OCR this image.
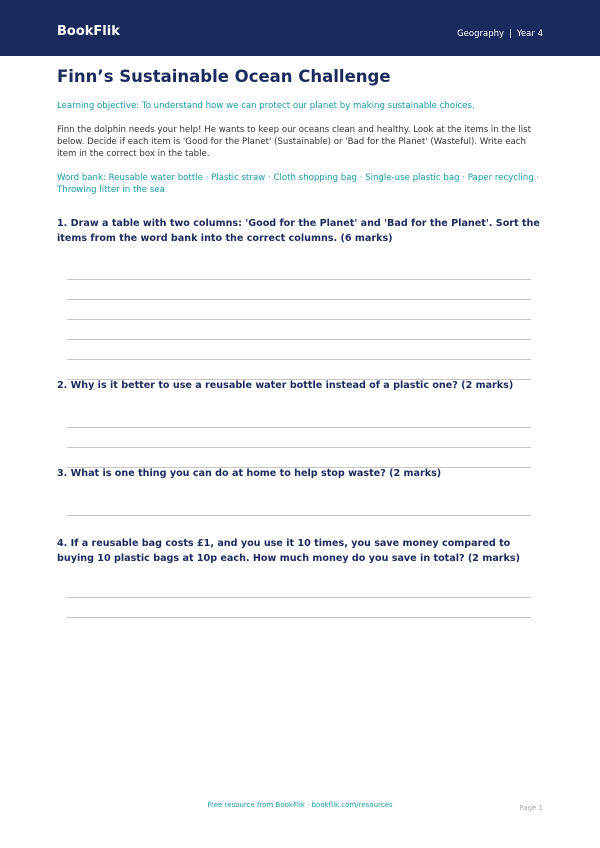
BookFlik	Geography | Year 4
Finn’s Sustainable Ocean Challenge
Learning objective: To understand how we can protect our planet by making sustainable choices.
Finn the dolphin needs your help! He wants to keep our oceans clean and healthy. Look at the items in the list below. Decide if each item is 'Good for the Planet' (Sustainable) or 'Bad for the Planet' (Wasteful). Write each item in the correct box in the table.
Word bank: Reusable water bottle · Plastic straw · Cloth shopping bag · Single-use plastic bag · Paper recycling · Throwing litter in the sea
1. Draw a table with two columns: 'Good for the Planet' and 'Bad for the Planet'. Sort the items from the word bank into the correct columns. (6 marks)
2. Why is it better to use a reusable water bottle instead of a plastic one? (2 marks)
3. What is one thing you can do at home to help stop waste? (2 marks)
4. If a reusable bag costs £1, and you use it 10 times, you save money compared to buying 10 plastic bags at 10p each. How much money do you save in total? (2 marks)
Free resource from BookFlik · bookflik.com/resources	Page 1
